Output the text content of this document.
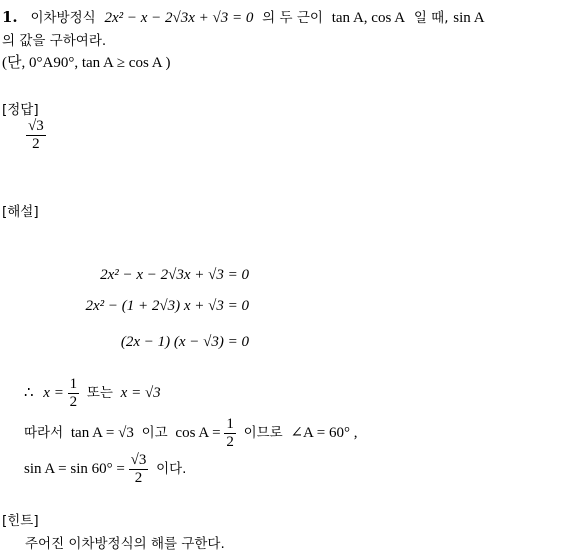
1. 이차방정식 2x² − x − 2√3x + √3 = 0 의 두 근이 tan A, cos A 일 때, sin A
의 값을 구하여라.
(단, 0°A90°, tan A ≥ cos A )
[정답]
$\frac{√3}{2}$
[해설]
2x² − x − 2√3x + √3 = 0
2x² − (1 + 2√3) x + √3 = 0
(2x − 1) (x − √3) = 0
∴ $x = \frac{1}{2}$ 또는 x = √3
따라서 tan A = √3 이고 $\cos A = \frac{1}{2}$ 이므로 ∠A = 60° ,
$\sin A = \sin 60^\circ = \frac{√3}{2}$ 이다.
[힌트]
주어진 이차방정식의 해를 구한다.
